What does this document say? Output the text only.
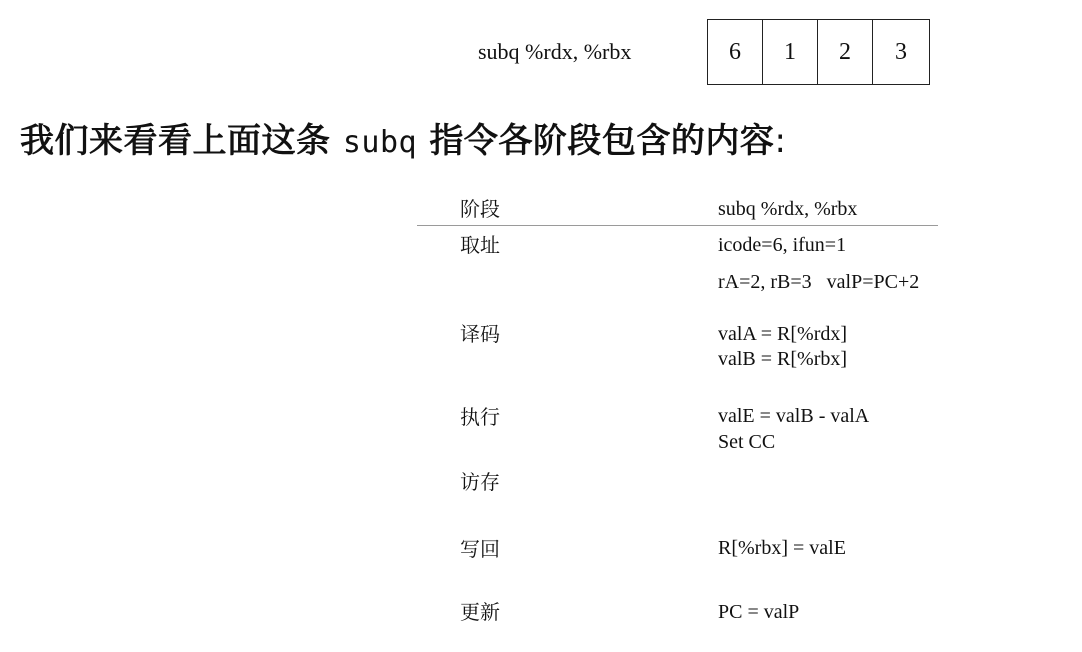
subq %rdx, %rbx	6	1	2	3
我们来看看上面这条 subq 指令各阶段包含的内容:
阶段	subq %rdx, %rbx
取址	icode=6, ifun=1
rA=2, rB=3   valP=PC+2
译码	valA = R[%rdx]
valB = R[%rbx]
执行	valE = valB - valA
Set CC
访存
写回	R[%rbx] = valE
更新	PC = valP
